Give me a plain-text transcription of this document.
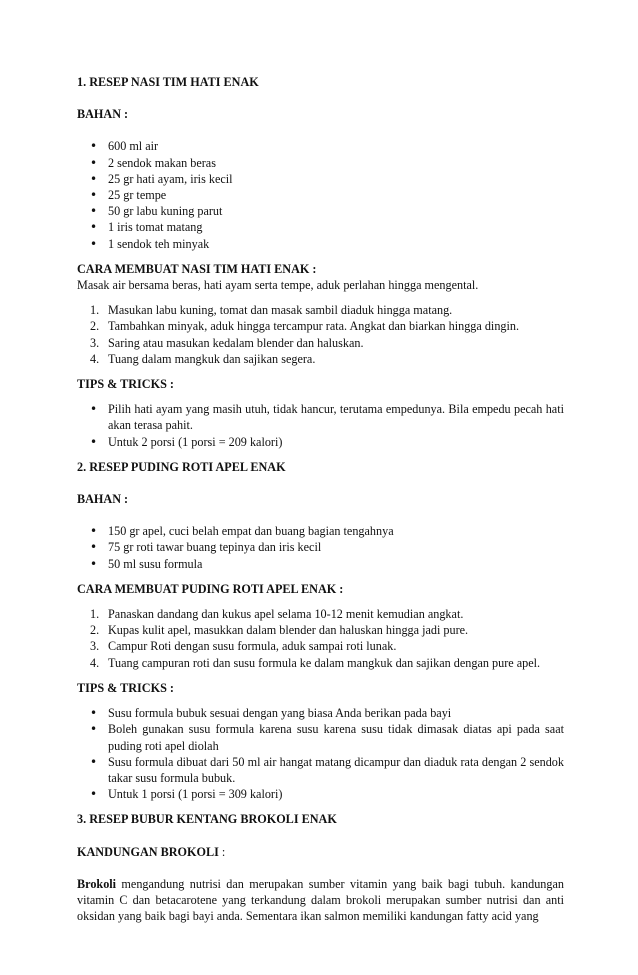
1. RESEP NASI TIM HATI ENAK

BAHAN :

• 600 ml air
• 2 sendok makan beras
• 25 gr hati ayam, iris kecil
• 25 gr tempe
• 50 gr labu kuning parut
• 1 iris tomat matang
• 1 sendok teh minyak

CARA MEMBUAT NASI TIM HATI ENAK :

Masak air bersama beras, hati ayam serta tempe, aduk perlahan hingga mengental.

1. Masukan labu kuning, tomat dan masak sambil diaduk hingga matang.
2. Tambahkan minyak, aduk hingga tercampur rata. Angkat dan biarkan hingga dingin.
3. Saring atau masukan kedalam blender dan haluskan.
4. Tuang dalam mangkuk dan sajikan segera.

TIPS & TRICKS :

• Pilih hati ayam yang masih utuh, tidak hancur, terutama empedunya. Bila empedu pecah hati akan terasa pahit.
• Untuk 2 porsi (1 porsi = 209 kalori)

2. RESEP PUDING ROTI APEL ENAK

BAHAN :

• 150 gr apel, cuci belah empat dan buang bagian tengahnya
• 75 gr roti tawar buang tepinya dan iris kecil
• 50 ml susu formula

CARA MEMBUAT PUDING ROTI APEL ENAK :

1. Panaskan dandang dan kukus apel selama 10-12 menit kemudian angkat.
2. Kupas kulit apel, masukkan dalam blender dan haluskan hingga jadi pure.
3. Campur Roti dengan susu formula, aduk sampai roti lunak.
4. Tuang campuran roti dan susu formula ke dalam mangkuk dan sajikan dengan pure apel.

TIPS & TRICKS :

• Susu formula bubuk sesuai dengan yang biasa Anda berikan pada bayi
• Boleh gunakan susu formula karena susu karena susu tidak dimasak diatas api pada saat puding roti apel diolah
• Susu formula dibuat dari 50 ml air hangat matang dicampur dan diaduk rata dengan 2 sendok takar susu formula bubuk.
• Untuk 1 porsi (1 porsi = 309 kalori)

3. RESEP BUBUR KENTANG BROKOLI ENAK

KANDUNGAN BROKOLI :

Brokoli mengandung nutrisi dan merupakan sumber vitamin yang baik bagi tubuh. kandungan vitamin C dan betacarotene yang terkandung dalam brokoli merupakan sumber nutrisi dan anti oksidan yang baik bagi bayi anda. Sementara ikan salmon memiliki kandungan fatty acid yang
